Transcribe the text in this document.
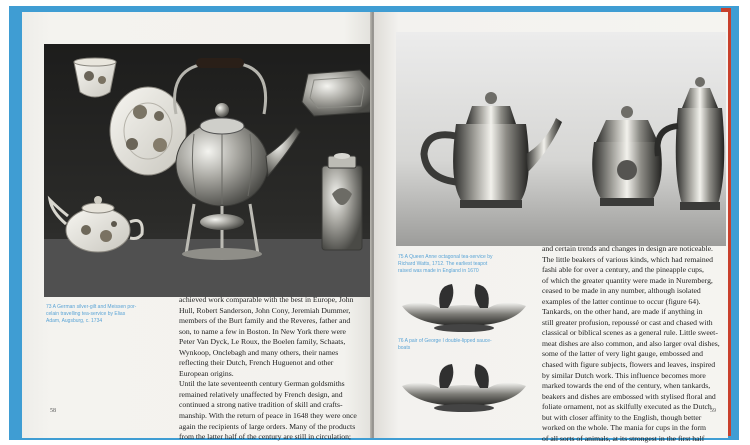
73 A German silver-gilt and Meissen por-
celain travelling tea-service by Elias
Adam, Augsburg, c. 1734
achieved work comparable with the best in Europe, John
Hull, Robert Sanderson, John Cony, Jeremiah Dummer,
members of the Burt family and the Reveres, father and
son, to name a few in Boston. In New York there were
Peter Van Dyck, Le Roux, the Boelen family, Schaats,
Wynkoop, Onclebagh and many others, their names
reflecting their Dutch, French Huguenot and other
European origins.
Until the late seventeenth century German goldsmiths
remained relatively unaffected by French design, and
continued a strong native tradition of skill and crafts-
manship. With the return of peace in 1648 they were once
again the recipients of large orders. Many of the products
from the latter half of the century are still in circulation;
58
75 A Queen Anne octagonal tea-service by
Richard Watts, 1712. The earliest teapot
raised was made in England in 1670
76 A pair of George I double-lipped sauce-
boats
and certain trends and changes in design are noticeable.
The little beakers of various kinds, which had remained
fashi able for over a century, and the pineapple cups,
of which the greater quantity were made in Nuremberg,
ceased to be made in any number, although isolated
examples of the latter continue to occur (figure 64).
Tankards, on the other hand, are made if anything in
still greater profusion, repoussé or cast and chased with
classical or biblical scenes as a general rule. Little sweet-
meat dishes are also common, and also larger oval dishes,
some of the latter of very light gauge, embossed and
chased with figure subjects, flowers and leaves, inspired
by similar Dutch work. This influence becomes more
marked towards the end of the century, when tankards,
beakers and dishes are embossed with stylised floral and
foliate ornament, not as skilfully executed as the Dutch
but with closer affinity to the English, though better
worked on the whole. The mania for cups in the form
of all sorts of animals, at its strongest in the first half
59
